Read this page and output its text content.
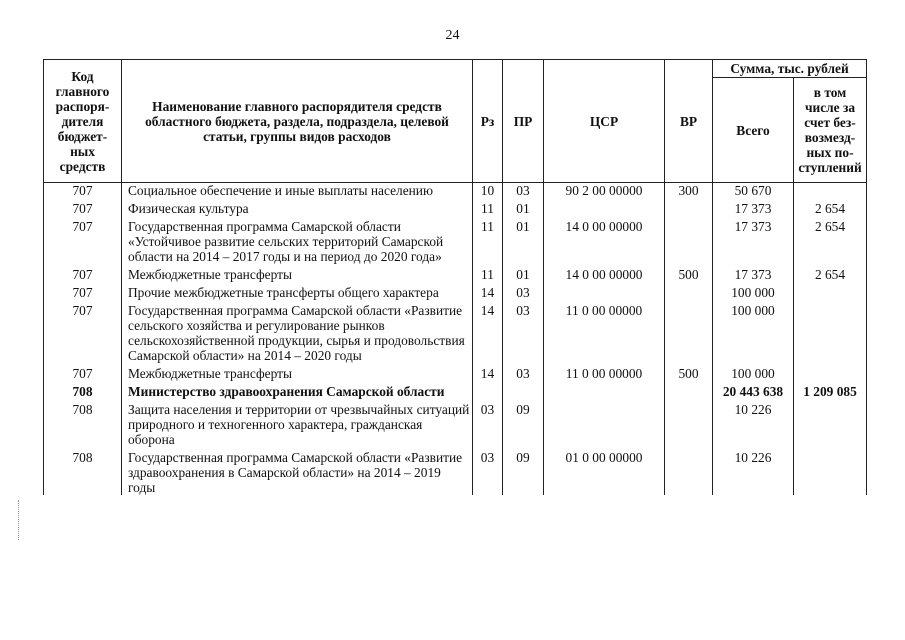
24
Код главного распоря-дителя бюджет-ных средств	Наименование главного распорядителя средств областного бюджета, раздела, подраздела, целевой статьи, группы видов расходов	Рз	ПР	ЦСР	ВР	Сумма, тыс. рублей	
						Всего	в том числе за счет без-возмезд-ных по-ступлений
707	Социальное обеспечение и иные выплаты населению	10	03	90 2 00 00000	300	50 670	
707	Физическая культура	11	01			17 373	2 654
707	Государственная программа Самарской области «Устойчивое развитие сельских территорий Самарской области на 2014 – 2017 годы и на период до 2020 года»	11	01	14 0 00 00000		17 373	2 654
707	Межбюджетные трансферты	11	01	14 0 00 00000	500	17 373	2 654
707	Прочие межбюджетные трансферты общего характера	14	03			100 000	
707	Государственная программа Самарской области «Развитие сельского хозяйства и регулирование рынков сельскохозяйственной продукции, сырья и продовольствия Самарской области» на 2014 – 2020 годы	14	03	11 0 00 00000		100 000	
707	Межбюджетные трансферты	14	03	11 0 00 00000	500	100 000	
708	Министерство здравоохранения Самарской области					20 443 638	1 209 085
708	Защита населения и территории от чрезвычайных ситуаций природного и техногенного характера, гражданская оборона	03	09			10 226	
708	Государственная программа Самарской области «Развитие здравоохранения в Самарской области» на 2014 – 2019 годы	03	09	01 0 00 00000		10 226	
